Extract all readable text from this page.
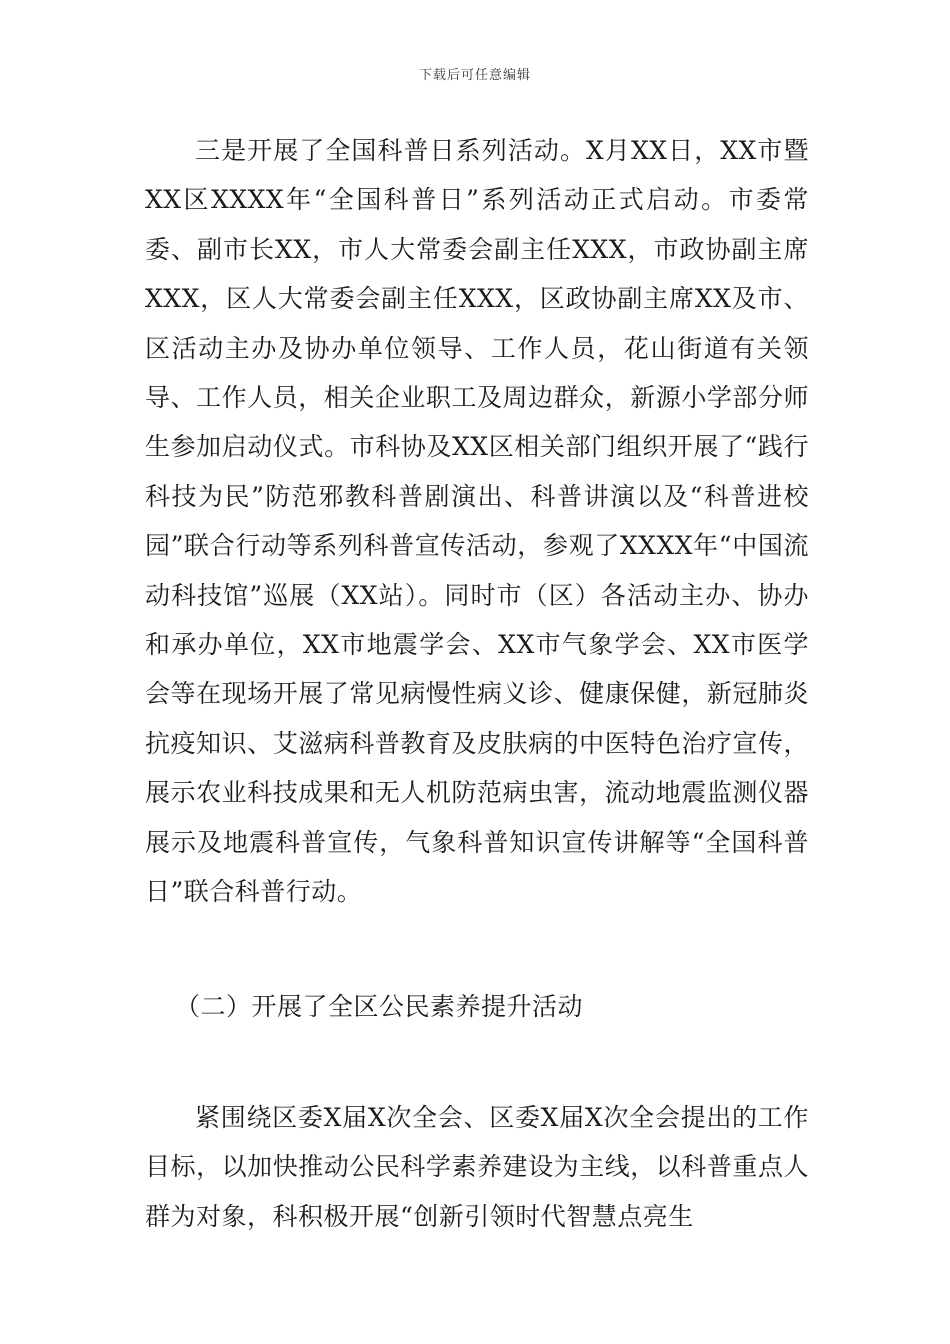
下载后可任意编辑

三是开展了全国科普日系列活动。X月XX日，XX市暨XX区XXXX年“全国科普日”系列活动正式启动。市委常委、副市长XX，市人大常委会副主任XXX，市政协副主席XXX，区人大常委会副主任XXX，区政协副主席XX及市、区活动主办及协办单位领导、工作人员，花山街道有关领导、工作人员，相关企业职工及周边群众，新源小学部分师生参加启动仪式。市科协及XX区相关部门组织开展了“践行科技为民”防范邪教科普剧演出、科普讲演以及“科普进校园”联合行动等系列科普宣传活动，参观了XXXX年“中国流动科技馆”巡展（XX站）。同时市（区）各活动主办、协办和承办单位，XX市地震学会、XX市气象学会、XX市医学会等在现场开展了常见病慢性病义诊、健康保健，新冠肺炎抗疫知识、艾滋病科普教育及皮肤病的中医特色治疗宣传，展示农业科技成果和无人机防范病虫害，流动地震监测仪器展示及地震科普宣传，气象科普知识宣传讲解等“全国科普日”联合科普行动。

（二）开展了全区公民素养提升活动

紧围绕区委X届X次全会、区委X届X次全会提出的工作目标，以加快推动公民科学素养建设为主线，以科普重点人群为对象，科积极开展“创新引领时代智慧点亮生
